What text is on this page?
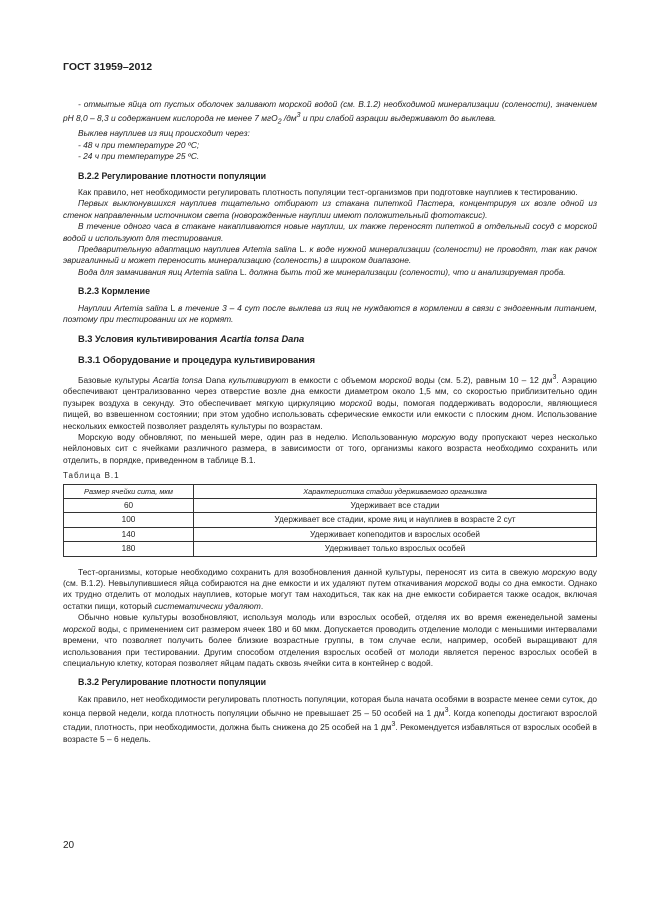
ГОСТ 31959–2012

- отмытые яйца от пустых оболочек заливают морской водой (см. В.1.2) необходимой минерализации (солености), значением pH 8,0 – 8,3 и содержанием кислорода не менее 7 мгO$_2$ $/дм^3$ и при слабой аэрации выдерживают до выклева.

Выклев науплиев из яиц происходит через:

- 48 ч при температуре 20 ºС;

- 24 ч при температуре 25 ºС.

В.2.2 Регулирование плотности популяции

Как правило, нет необходимости регулировать плотность популяции тест-организмов при подготовке науплиев к тестированию.

Первых выклюнувшихся науплиев тщательно отбирают из стакана пипеткой Пастера, концентрируя их возле одной из стенок направленным источником света (новорожденные науплии имеют положительный фототаксис).

В течение одного часа в стакане накапливаются новые науплии, их также переносят пипеткой в отдельный сосуд с морской водой и используют для тестирования.

Предварительную адаптацию науплиев Artemia salina L. к воде нужной минерализации (солености) не проводят, так как рачок эвригалинный и может переносить минерализацию (соленость) в широком диапазоне.

Вода для замачивания яиц Artemia salina L. должна быть той же минерализации (солености), что и анализируемая проба.

В.2.3 Кормление

Науплии Artemia salina L в течение 3 – 4 сут после выклева из яиц не нуждаются в кормлении в связи с эндогенным питанием, поэтому при тестировании их не кормят.

В.3 Условия культивирования Acartia tonsa Dana
В.3.1 Оборудование и процедура культивирования

Базовые культуры Acartia tonsa Dana культивируют в емкости с объемом морской воды (см. 5.2), равным 10 – 12 $дм^3$. Аэрацию обеспечивают централизованно через отверстие возле дна емкости диаметром около 1,5 мм, со скоростью приблизительно один пузырек воздуха в секунду. Это обеспечивает мягкую циркуляцию морской воды, помогая поддерживать водоросли, являющиеся пищей, во взвешенном состоянии; при этом удобно использовать сферические емкости или емкости с плоским дном. Использование нескольких емкостей позволяет разделять культуры по возрастам.

Морскую воду обновляют, по меньшей мере, один раз в неделю. Использованную морскую воду пропускают через несколько нейлоновых сит с ячейками различного размера, в зависимости от того, организмы какого возраста необходимо сохранить или отделить, в порядке, приведенном в таблице В.1.

Таблица В.1
Размер ячейки сита, мкм	Характеристика стадии удерживаемого организма
60	Удерживает все стадии
100	Удерживает все стадии, кроме яиц и науплиев в возрасте 2 сут
140	Удерживает копеподитов и взрослых особей
180	Удерживает только взрослых особей

Тест-организмы, которые необходимо сохранить для возобновления данной культуры, переносят из сита в свежую морскую воду (см. В.1.2). Невылупившиеся яйца собираются на дне емкости и их удаляют путем откачивания морской воды со дна емкости. Однако их трудно отделить от молодых науплиев, которые могут там находиться, так как на дне емкости собирается также осадок, включая остатки пищи, который систематически удаляют.

Обычно новые культуры возобновляют, используя молодь или взрослых особей, отделяя их во время еженедельной замены морской воды, с применением сит размером ячеек 180 и 60 мкм. Допускается проводить отделение молоди с меньшими интервалами времени, что позволяет получить более близкие возрастные группы, в том случае если, например, особей выращивают для использования при тестировании. Другим способом отделения взрослых особей от молоди является перенос взрослых особей в специальную клетку, которая позволяет яйцам падать сквозь ячейки сита в контейнер с водой.

В.3.2 Регулирование плотности популяции

Как правило, нет необходимости регулировать плотность популяции, которая была начата особями в возрасте менее семи суток, до конца первой недели, когда плотность популяции обычно не превышает 25 – 50 особей на 1 $дм^3$. Когда копеподы достигают взрослой стадии, плотность, при необходимости, должна быть снижена до 25 особей на 1 $дм^3$. Рекомендуется избавляться от взрослых особей в возрасте 5 – 6 недель.

20
